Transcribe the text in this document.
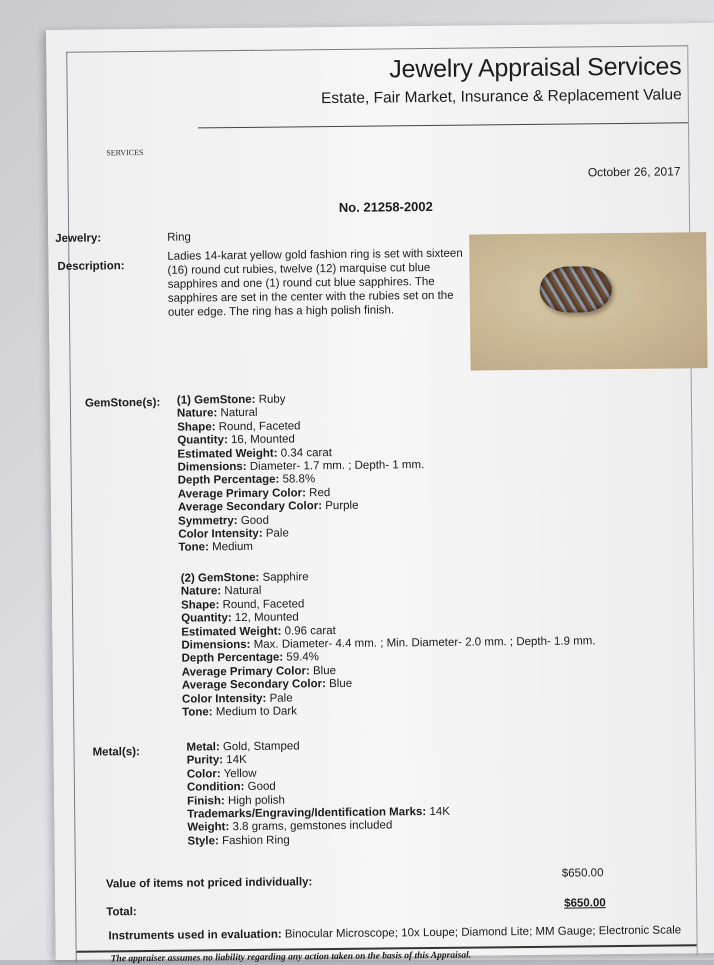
Jewelry Appraisal Services
Estate, Fair Market, Insurance & Replacement Value
SERVICES
October 26, 2017
No. 21258-2002
Jewelry:	Ring
Description:
Ladies 14-karat yellow gold fashion ring is set with sixteen (16) round cut rubies, twelve (12) marquise cut blue sapphires and one (1) round cut blue sapphires. The sapphires are set in the center with the rubies set on the outer edge. The ring has a high polish finish.
GemStone(s): (1) GemStone: Ruby
Nature: Natural
Shape: Round, Faceted
Quantity: 16, Mounted
Estimated Weight: 0.34 carat
Dimensions: Diameter- 1.7 mm. ; Depth- 1 mm.
Depth Percentage: 58.8%
Average Primary Color: Red
Average Secondary Color: Purple
Symmetry: Good
Color Intensity: Pale
Tone: Medium
(2) GemStone: Sapphire
Nature: Natural
Shape: Round, Faceted
Quantity: 12, Mounted
Estimated Weight: 0.96 carat
Dimensions: Max. Diameter- 4.4 mm. ; Min. Diameter- 2.0 mm. ; Depth- 1.9 mm.
Depth Percentage: 59.4%
Average Primary Color: Blue
Average Secondary Color: Blue
Color Intensity: Pale
Tone: Medium to Dark
Metal(s):	Metal: Gold, Stamped
Purity: 14K
Color: Yellow
Condition: Good
Finish: High polish
Trademarks/Engraving/Identification Marks: 14K
Weight: 3.8 grams, gemstones included
Style: Fashion Ring
Value of items not priced individually:
$650.00
Total:
$650.00
Instruments used in evaluation: Binocular Microscope; 10x Loupe; Diamond Lite; MM Gauge; Electronic Scale
The appraiser assumes no liability regarding any action taken on the basis of this Appraisal.
